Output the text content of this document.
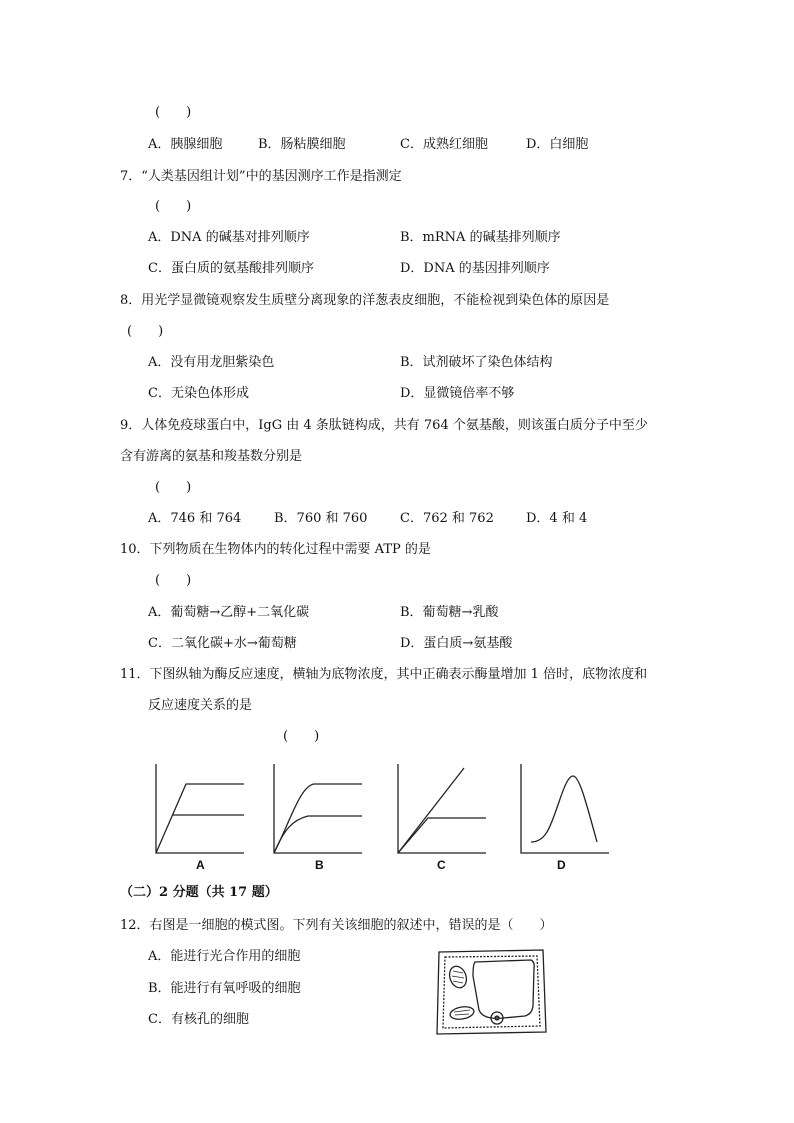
(　　)
A．胰腺细胞	B．肠粘膜细胞	C．成熟红细胞	D．白细胞
7．“人类基因组计划”中的基因测序工作是指测定
(　　)
A．DNA 的碱基对排列顺序	B．mRNA 的碱基排列顺序
C．蛋白质的氨基酸排列顺序	D．DNA 的基因排列顺序
8．用光学显微镜观察发生质壁分离现象的洋葱表皮细胞，不能检视到染色体的原因是
(　　)
A．没有用龙胆紫染色	B．试剂破坏了染色体结构
C．无染色体形成	D．显微镜倍率不够
9．人体免疫球蛋白中，IgG 由 4 条肽链构成，共有 764 个氨基酸，则该蛋白质分子中至少
含有游离的氨基和羧基数分别是
(　　)
A．746 和 764	B．760 和 760	C．762 和 762 D．4 和 4
10．下列物质在生物体内的转化过程中需要 ATP 的是
(　　)
A．葡萄糖→乙醇+二氧化碳	B．葡萄糖→乳酸
C．二氧化碳+水→葡萄糖	D．蛋白质→氨基酸
11．下图纵轴为酶反应速度，横轴为底物浓度，其中正确表示酶量增加 1 倍时，底物浓度和
反应速度关系的是
(　　)
A	B	C	D
（二）2 分题（共 17 题）
12．右图是一细胞的模式图。下列有关该细胞的叙述中，错误的是（　　）
A．能进行光合作用的细胞
B．能进行有氧呼吸的细胞
C．有核孔的细胞
